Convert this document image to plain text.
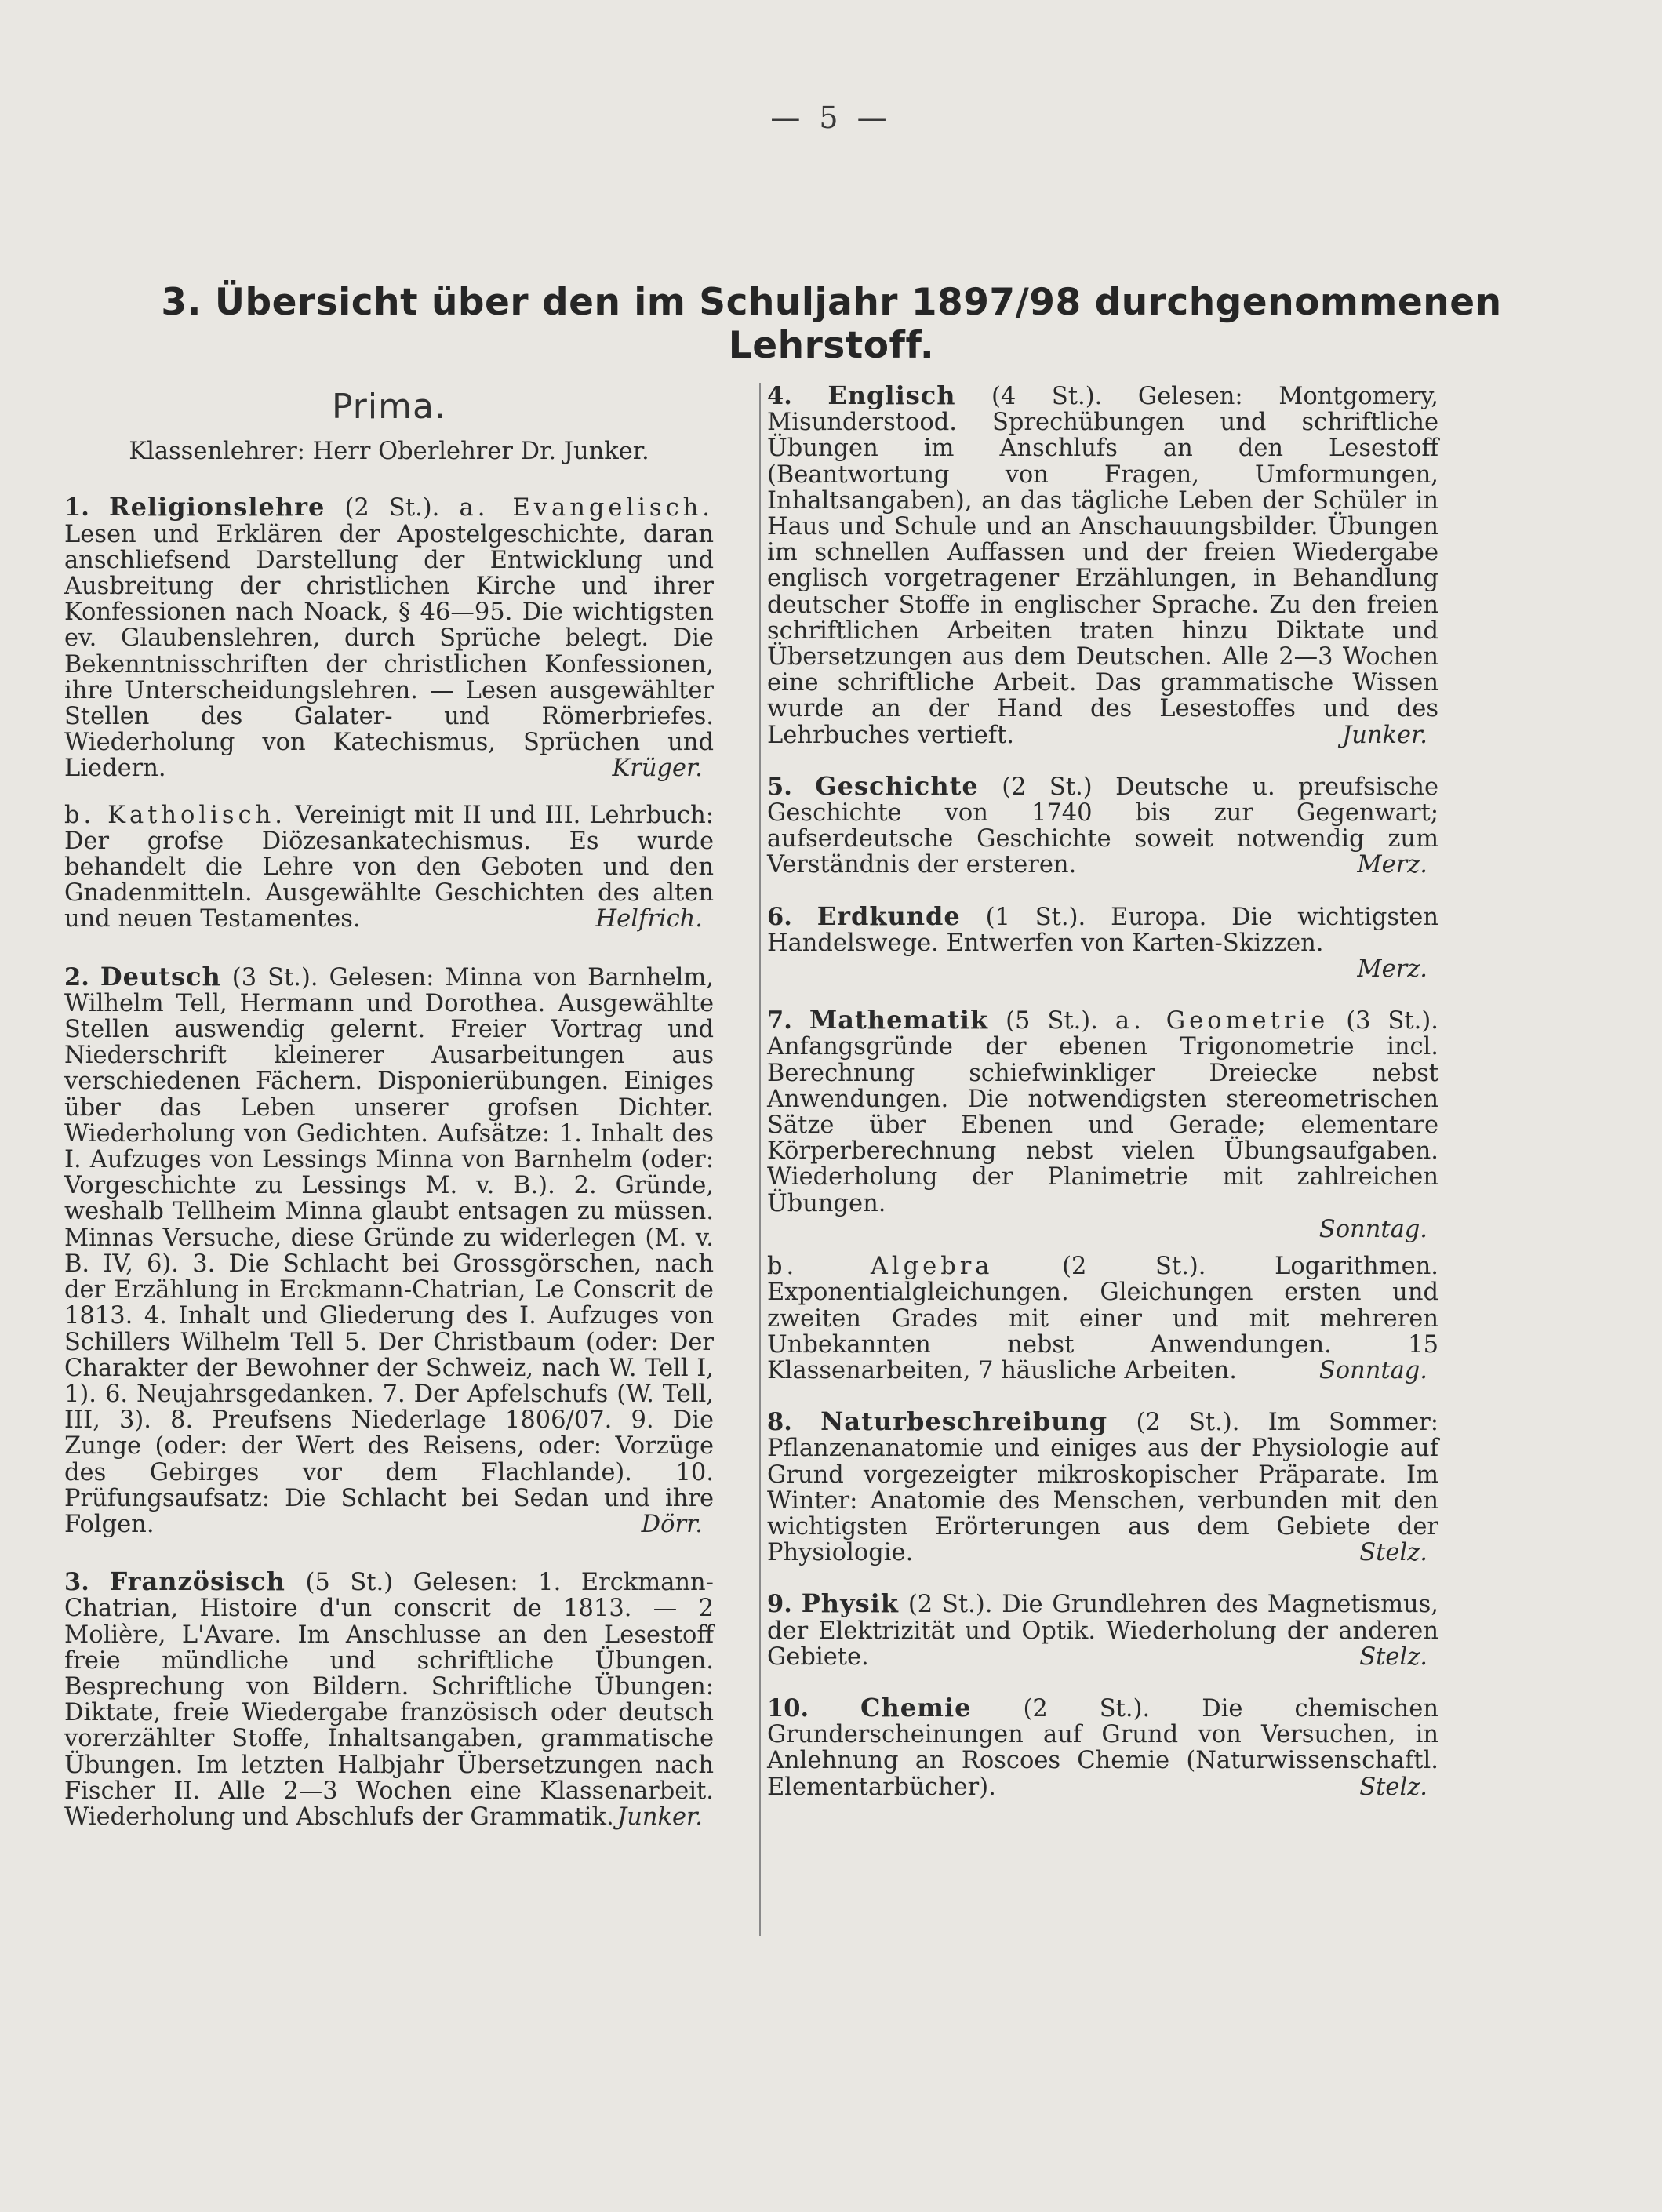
— 5 —
3. Übersicht über den im Schuljahr 1897/98 durchgenommenen Lehrstoff.
Prima.
Klassenlehrer: Herr Oberlehrer Dr. Junker.

1. Religionslehre (2 St.). a. Evangelisch. Lesen und Erklären der Apostelgeschichte, daran anschliefsend Darstellung der Entwicklung und Ausbreitung der christlichen Kirche und ihrer Konfessionen nach Noack, § 46—95. Die wichtigsten ev. Glaubenslehren, durch Sprüche belegt. Die Bekenntnisschriften der christlichen Konfessionen, ihre Unterscheidungslehren. — Lesen ausgewählter Stellen des Galater- und Römerbriefes. Wiederholung von Katechismus, Sprüchen und Liedern.	Krüger.

b. Katholisch. Vereinigt mit II und III. Lehrbuch: Der grofse Diözesankatechismus. Es wurde behandelt die Lehre von den Geboten und den Gnadenmitteln. Ausgewählte Geschichten des alten und neuen Testamentes.	Helfrich.

2. Deutsch (3 St.). Gelesen: Minna von Barnhelm, Wilhelm Tell, Hermann und Dorothea. Ausgewählte Stellen auswendig gelernt. Freier Vortrag und Niederschrift kleinerer Ausarbeitungen aus verschiedenen Fächern. Disponierübungen. Einiges über das Leben unserer grofsen Dichter. Wiederholung von Gedichten. Aufsätze: 1. Inhalt des I. Aufzuges von Lessings Minna von Barnhelm (oder: Vorgeschichte zu Lessings M. v. B.). 2. Gründe, weshalb Tellheim Minna glaubt entsagen zu müssen. Minnas Versuche, diese Gründe zu widerlegen (M. v. B. IV, 6). 3. Die Schlacht bei Grossgörschen, nach der Erzählung in Erckmann-Chatrian, Le Conscrit de 1813. 4. Inhalt und Gliederung des I. Aufzuges von Schillers Wilhelm Tell 5. Der Christbaum (oder: Der Charakter der Bewohner der Schweiz, nach W. Tell I, 1). 6. Neujahrsgedanken. 7. Der Apfelschufs (W. Tell, III, 3). 8. Preufsens Niederlage 1806/07. 9. Die Zunge (oder: der Wert des Reisens, oder: Vorzüge des Gebirges vor dem Flachlande). 10. Prüfungsaufsatz: Die Schlacht bei Sedan und ihre Folgen.	Dörr.

3. Französisch (5 St.) Gelesen: 1. Erckmann-Chatrian, Histoire d'un conscrit de 1813. — 2 Molière, L'Avare. Im Anschlusse an den Lesestoff freie mündliche und schriftliche Übungen. Besprechung von Bildern. Schriftliche Übungen: Diktate, freie Wiedergabe französisch oder deutsch vorerzählter Stoffe, Inhaltsangaben, grammatische Übungen. Im letzten Halbjahr Übersetzungen nach Fischer II. Alle 2—3 Wochen eine Klassenarbeit. Wiederholung und Abschlufs der Grammatik. Junker.

4. Englisch (4 St.). Gelesen: Montgomery, Misunderstood. Sprechübungen und schriftliche Übungen im Anschlufs an den Lesestoff (Beantwortung von Fragen, Umformungen, Inhaltsangaben), an das tägliche Leben der Schüler in Haus und Schule und an Anschauungsbilder. Übungen im schnellen Auffassen und der freien Wiedergabe englisch vorgetragener Erzählungen, in Behandlung deutscher Stoffe in englischer Sprache. Zu den freien schriftlichen Arbeiten traten hinzu Diktate und Übersetzungen aus dem Deutschen. Alle 2—3 Wochen eine schriftliche Arbeit. Das grammatische Wissen wurde an der Hand des Lesestoffes und des Lehrbuches vertieft.	Junker.

5. Geschichte (2 St.) Deutsche u. preufsische Geschichte von 1740 bis zur Gegenwart; aufserdeutsche Geschichte soweit notwendig zum Verständnis der ersteren.	Merz.

6. Erdkunde (1 St.). Europa. Die wichtigsten Handelswege. Entwerfen von Karten-Skizzen.

Merz.

7. Mathematik (5 St.). a. Geometrie (3 St.). Anfangsgründe der ebenen Trigonometrie incl. Berechnung schiefwinkliger Dreiecke nebst Anwendungen. Die notwendigsten stereometrischen Sätze über Ebenen und Gerade; elementare Körperberechnung nebst vielen Übungsaufgaben. Wiederholung der Planimetrie mit zahlreichen Übungen.

Sonntag.

b. Algebra	(2 St.). Logarithmen. Exponentialgleichungen. Gleichungen ersten und zweiten Grades mit einer und mit mehreren Unbekannten nebst Anwendungen. 15 Klassenarbeiten, 7 häusliche Arbeiten.	Sonntag.

8. Naturbeschreibung (2 St.). Im Sommer: Pflanzenanatomie und einiges aus der Physiologie auf Grund vorgezeigter mikroskopischer Präparate. Im Winter: Anatomie des Menschen, verbunden mit den wichtigsten Erörterungen aus dem Gebiete der Physiologie.	Stelz.

9. Physik (2 St.). Die Grundlehren des Magnetismus, der Elektrizität und Optik. Wiederholung der anderen Gebiete.	Stelz.

10. Chemie (2 St.). Die chemischen Grunderscheinungen auf Grund von Versuchen, in Anlehnung an Roscoes Chemie (Naturwissenschaftl. Elementarbücher).	Stelz.
